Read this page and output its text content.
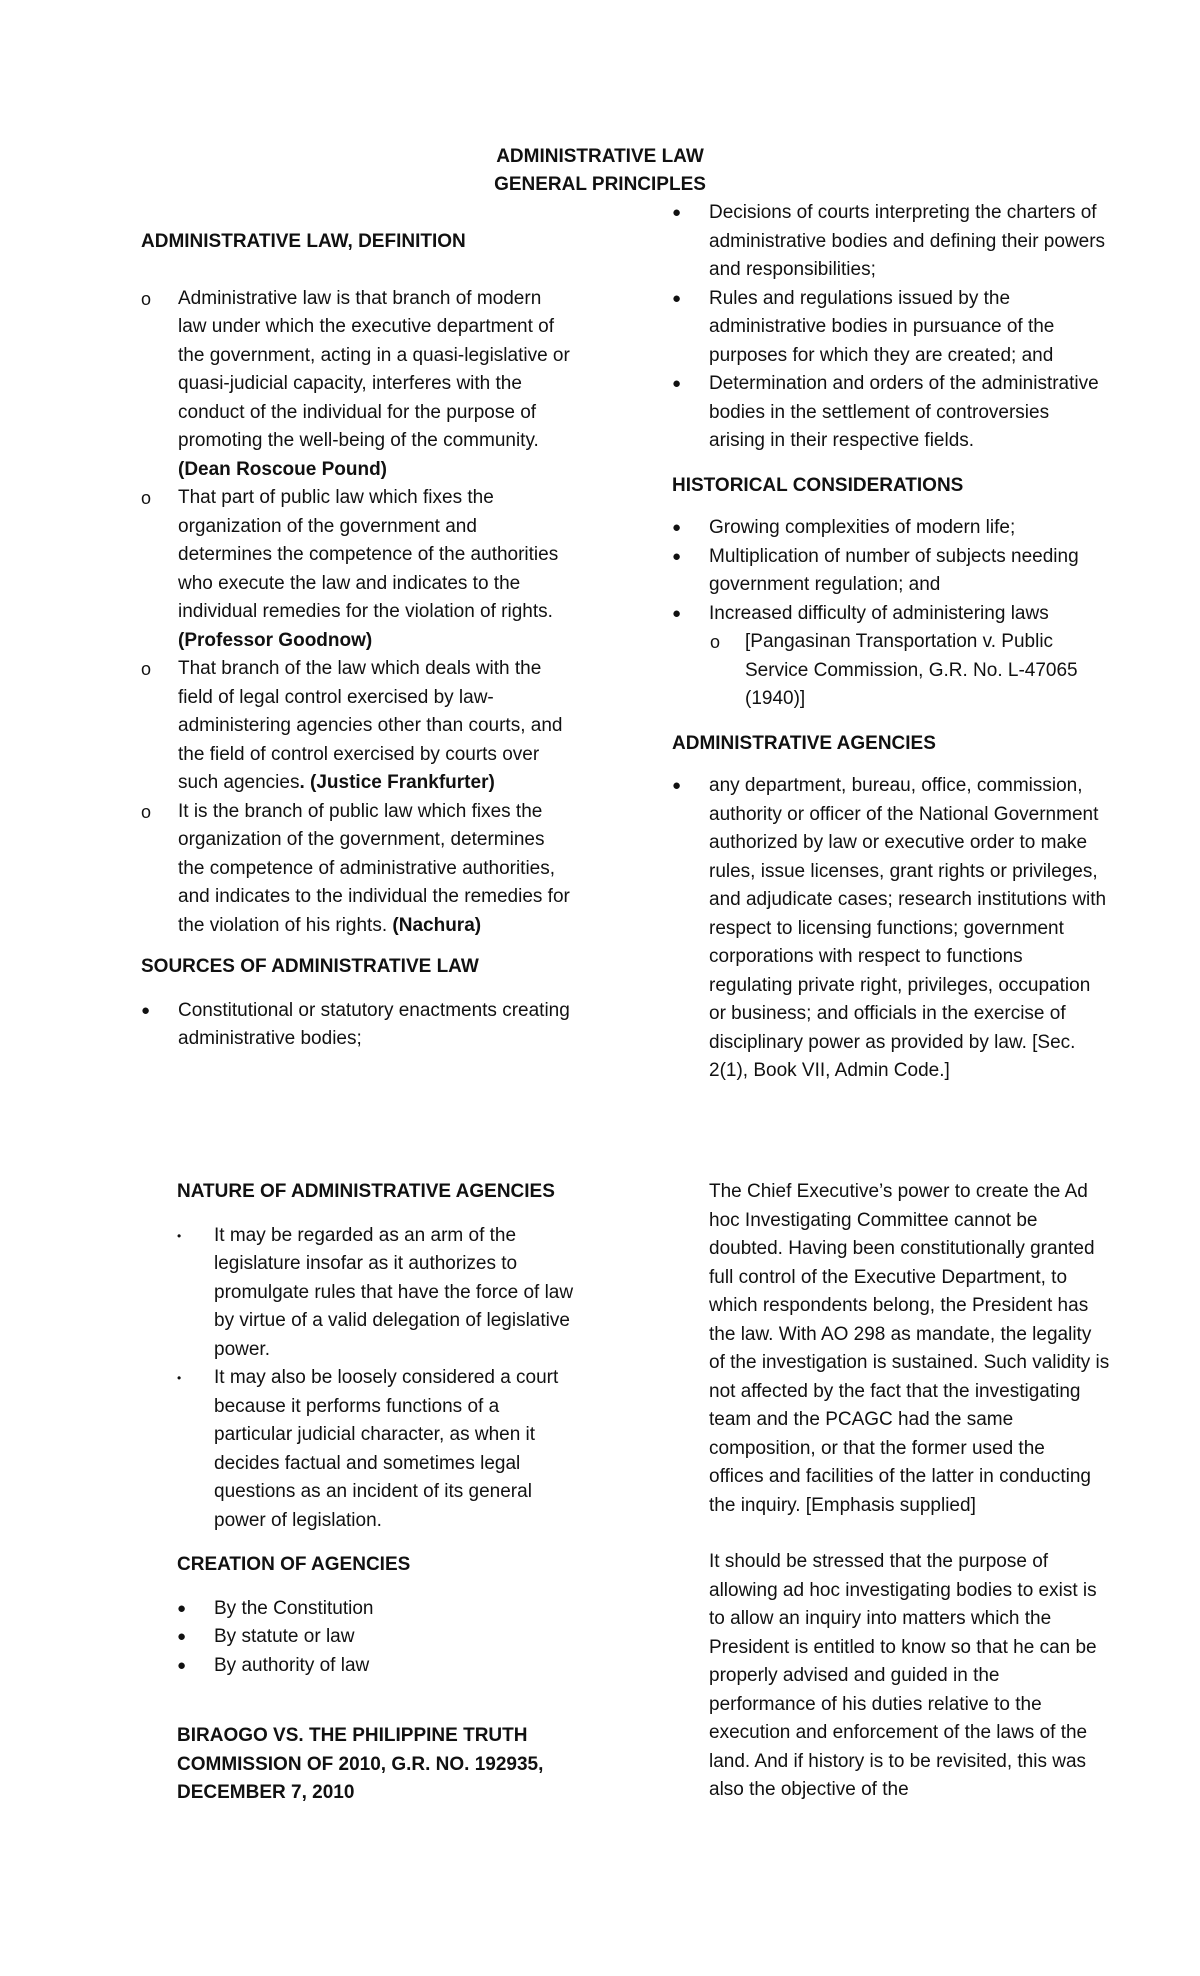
ADMINISTRATIVE LAW
GENERAL PRINCIPLES

ADMINISTRATIVE LAW, DEFINITION

o	Administrative law is that branch of modern law under which the executive department of the government, acting in a quasi-legislative or quasi-judicial capacity, interferes with the conduct of the individual for the purpose of promoting the well-being of the community. (Dean Roscoue Pound)
o	That part of public law which fixes the organization of the government and determines the competence of the authorities who execute the law and indicates to the individual remedies for the violation of rights. (Professor Goodnow)
o	That branch of the law which deals with the field of legal control exercised by law-administering agencies other than courts, and the field of control exercised by courts over such agencies. (Justice Frankfurter)
o	It is the branch of public law which fixes the organization of the government, determines the competence of administrative authorities, and indicates to the individual the remedies for the violation of his rights. (Nachura)

SOURCES OF ADMINISTRATIVE LAW

●	Constitutional or statutory enactments creating administrative bodies;
●	Decisions of courts interpreting the charters of administrative bodies and defining their powers and responsibilities;
●	Rules and regulations issued by the administrative bodies in pursuance of the purposes for which they are created; and
●	Determination and orders of the administrative bodies in the settlement of controversies arising in their respective fields.

HISTORICAL CONSIDERATIONS

●	Growing complexities of modern life;
●	Multiplication of number of subjects needing government regulation; and
●	Increased difficulty of administering laws
o	[Pangasinan Transportation v. Public Service Commission, G.R. No. L-47065 (1940)]

ADMINISTRATIVE AGENCIES

●	any department, bureau, office, commission, authority or officer of the National Government authorized by law or executive order to make rules, issue licenses, grant rights or privileges, and adjudicate cases; research institutions with respect to licensing functions; government corporations with respect to functions regulating private right, privileges, occupation or business; and officials in the exercise of disciplinary power as provided by law. [Sec. 2(1), Book VII, Admin Code.]

NATURE OF ADMINISTRATIVE AGENCIES

•	It may be regarded as an arm of the legislature insofar as it authorizes to promulgate rules that have the force of law by virtue of a valid delegation of legislative power.
•	It may also be loosely considered a court because it performs functions of a particular judicial character, as when it decides factual and sometimes legal questions as an incident of its general power of legislation.

CREATION OF AGENCIES

●	By the Constitution
●	By statute or law
●	By authority of law

BIRAOGO VS. THE PHILIPPINE TRUTH COMMISSION OF 2010, G.R. NO. 192935, DECEMBER 7, 2010

The Chief Executive’s power to create the Ad hoc Investigating Committee cannot be doubted. Having been constitutionally granted full control of the Executive Department, to which respondents belong, the President has the law. With AO 298 as mandate, the legality of the investigation is sustained. Such validity is not affected by the fact that the investigating    team and the PCAGC had the same composition, or that the former used the    offices and facilities of the latter in conducting the inquiry. [Emphasis supplied]

It should be stressed that the purpose of allowing ad hoc investigating bodies to exist is to allow an inquiry into matters which the President is entitled to know so that he can be properly advised and guided in the performance of his duties relative to the execution and enforcement of the laws of the land. And if history is to be revisited, this was also the objective of the
